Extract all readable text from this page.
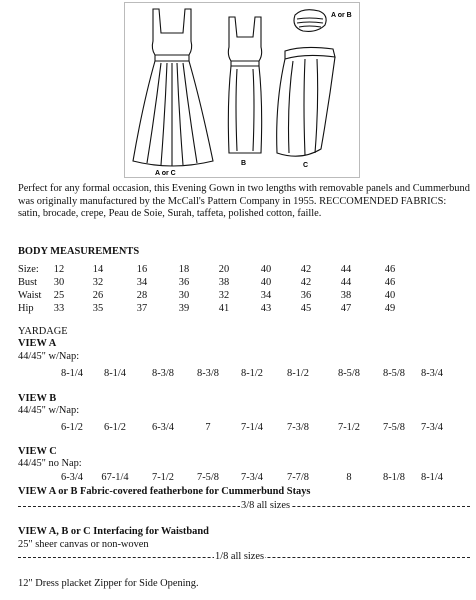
A or B
A or C
B	C
Perfect for any formal occasion, this Evening Gown in two lengths with removable panels and Cummerbund was originally manufactured by the McCall's Pattern Company in 1955. RECCOMENDED FABRICS: satin, brocade, crepe, Peau de Soie, Surah, taffeta, polished cotton, faille.
BODY MEASUREMENTS
Size:	12	14	16	18	20	40	42	44	46
Bust	30	32	34	36	38	40	42	44	46
Waist	25	26	28	30	32	34	36	38	40
Hip	33	35	37	39	41	43	45	47	49
YARDAGE
VIEW A
44/45" w/Nap:
8-1/4	8-1/4	8-3/8	8-3/8	8-1/2	8-1/2	8-5/8	8-5/8	8-3/4
VIEW B
44/45" w/Nap:
6-1/2	6-1/2	6-3/4	7	7-1/4	7-3/8	7-1/2	7-5/8	7-3/4
VIEW C
44/45" no Nap:
6-3/4	67-1/4	7-1/2	7-5/8	7-3/4	7-7/8	8	8-1/8	8-1/4
VIEW A or B Fabric-covered featherbone for Cummerbund Stays
3/8 all sizes
VIEW A, B or C Interfacing for Waistband
25" sheer canvas or non-woven
1/8 all sizes
12" Dress placket Zipper for Side Opening.
